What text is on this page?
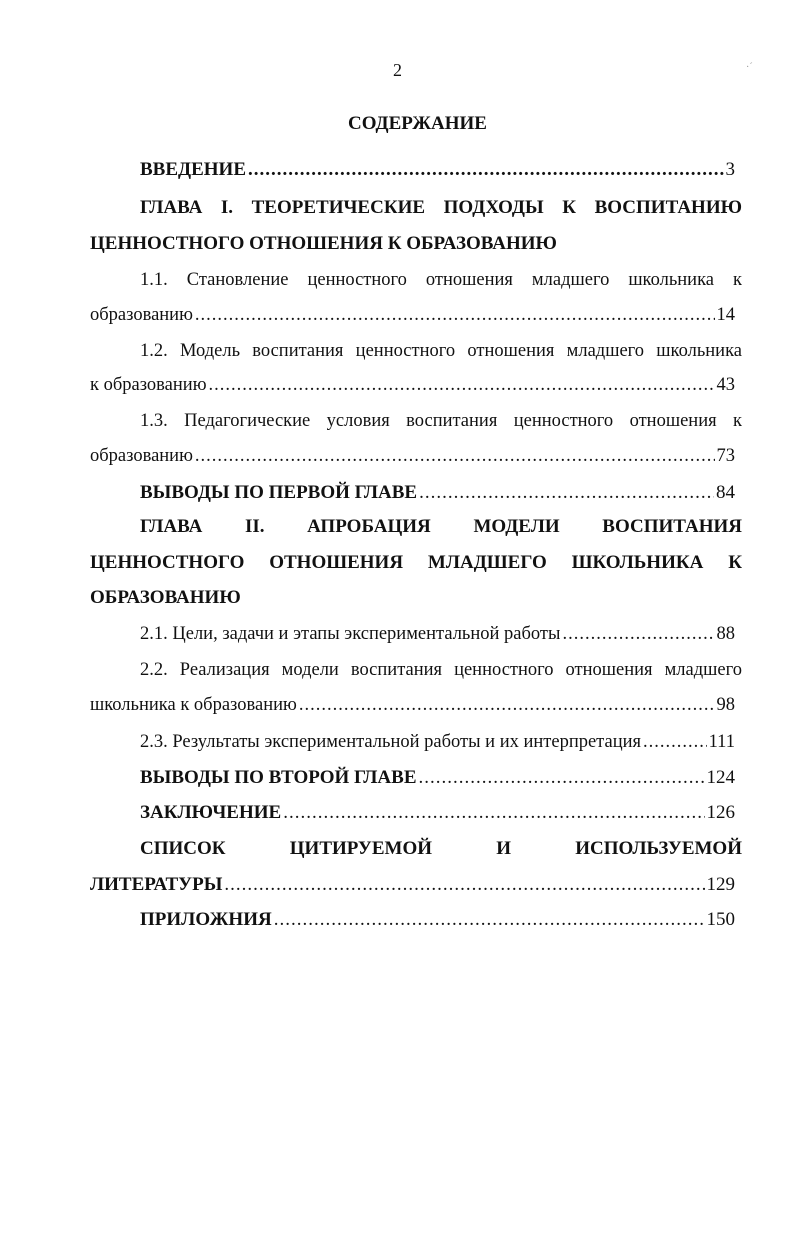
2	·ˊ
СОДЕРЖАНИЕ
ВВЕДЕНИЕ .....	3
ГЛАВА I. ТЕОРЕТИЧЕСКИЕ ПОДХОДЫ К ВОСПИТАНИЮ
ЦЕННОСТНОГО ОТНОШЕНИЯ К ОБРАЗОВАНИЮ
1.1. Становление ценностного отношения младшего школьника к
образованию .....	14
1.2. Модель воспитания ценностного отношения младшего школьника
к образованию .....	43
1.3. Педагогические условия воспитания ценностного отношения к
образованию .....	73
ВЫВОДЫ ПО ПЕРВОЙ ГЛАВЕ .....	84
ГЛАВА II. АПРОБАЦИЯ МОДЕЛИ ВОСПИТАНИЯ
ЦЕННОСТНОГО ОТНОШЕНИЯ МЛАДШЕГО ШКОЛЬНИКА К
ОБРАЗОВАНИЮ
2.1. Цели, задачи и этапы экспериментальной работы .....	88
2.2. Реализация модели воспитания ценностного отношения младшего
школьника к образованию .....	98
2.3. Результаты экспериментальной работы и их интерпретация .....	111
ВЫВОДЫ ПО ВТОРОЙ ГЛАВЕ .....	124
ЗАКЛЮЧЕНИЕ .....	126
СПИСОК ЦИТИРУЕМОЙ И ИСПОЛЬЗУЕМОЙ
ЛИТЕРАТУРЫ .....	129
ПРИЛОЖНИЯ .....	150
